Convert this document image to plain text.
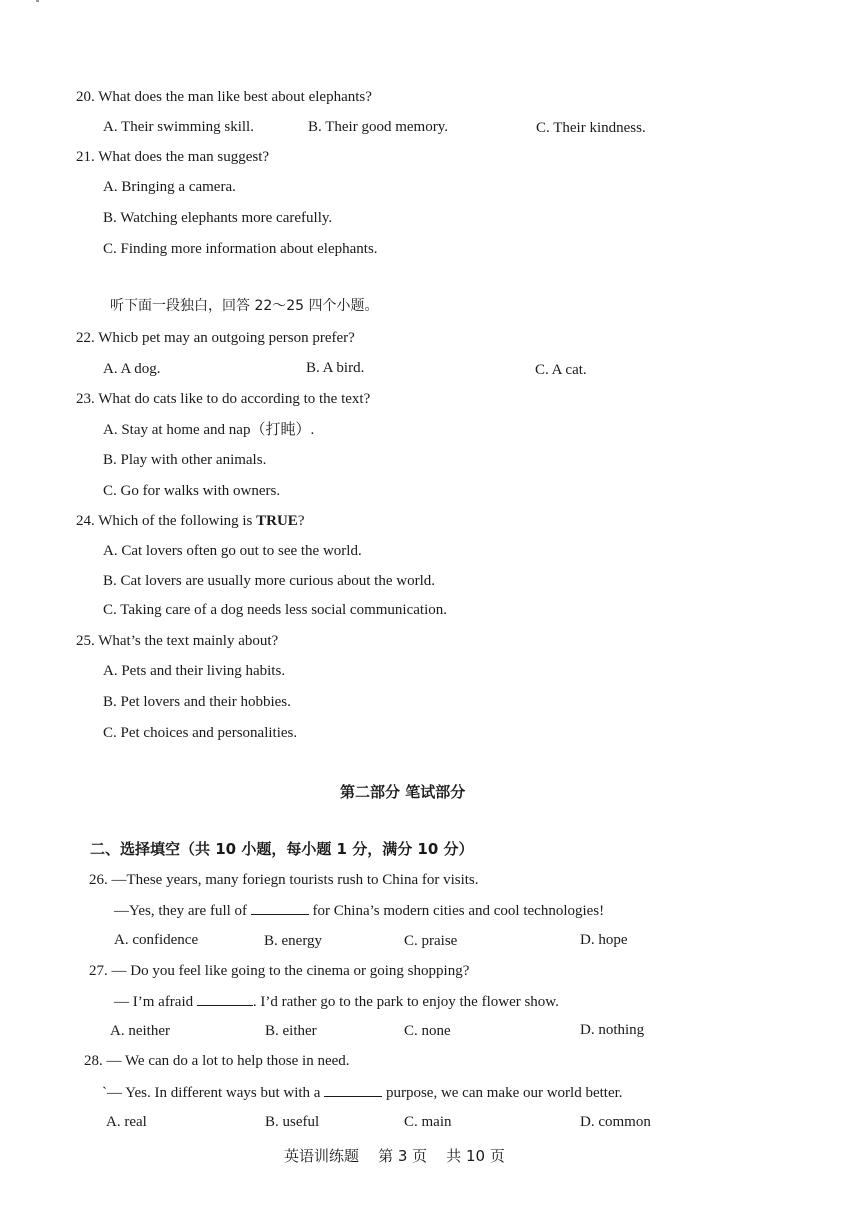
20. What does the man like best about elephants?
A. Their swimming skill.	B. Their good memory.	C. Their kindness.
21. What does the man suggest?
A. Bringing a camera.
B. Watching elephants more carefully.
C. Finding more information about elephants.
听下面一段独白，回答 22～25 四个小题。
22. Whicb pet may an outgoing person prefer?
A. A dog.	B. A bird.	C. A cat.
23. What do cats like to do according to the text?
A. Stay at home and nap（打盹）.
B. Play with other animals.
C. Go for walks with owners.
24. Which of the following is TRUE?
A. Cat lovers often go out to see the world.
B. Cat lovers are usually more curious about the world.
C. Taking care of a dog needs less social communication.
25. What’s the text mainly about?
A. Pets and their living habits.
B. Pet lovers and their hobbies.
C. Pet choices and personalities.
第二部分 笔试部分
二、选择填空（共 10 小题，每小题 1 分，满分 10 分）
26. —These years, many foriegn tourists rush to China for visits.
—Yes, they are full of	for China’s modern cities and cool technologies!
A. confidence	B. energy	C. praise	D. hope
27. — Do you feel like going to the cinema or going shopping?
— I’m afraid	. I’d rather go to the park to enjoy the flower show.
A. neither	B. either	C. none	D. nothing
28. — We can do a lot to help those in need.
`— Yes. In different ways but with a	purpose, we can make our world better.
A. real	B. useful	C. main	D. common
英语训练题    第 3 页    共 10 页
